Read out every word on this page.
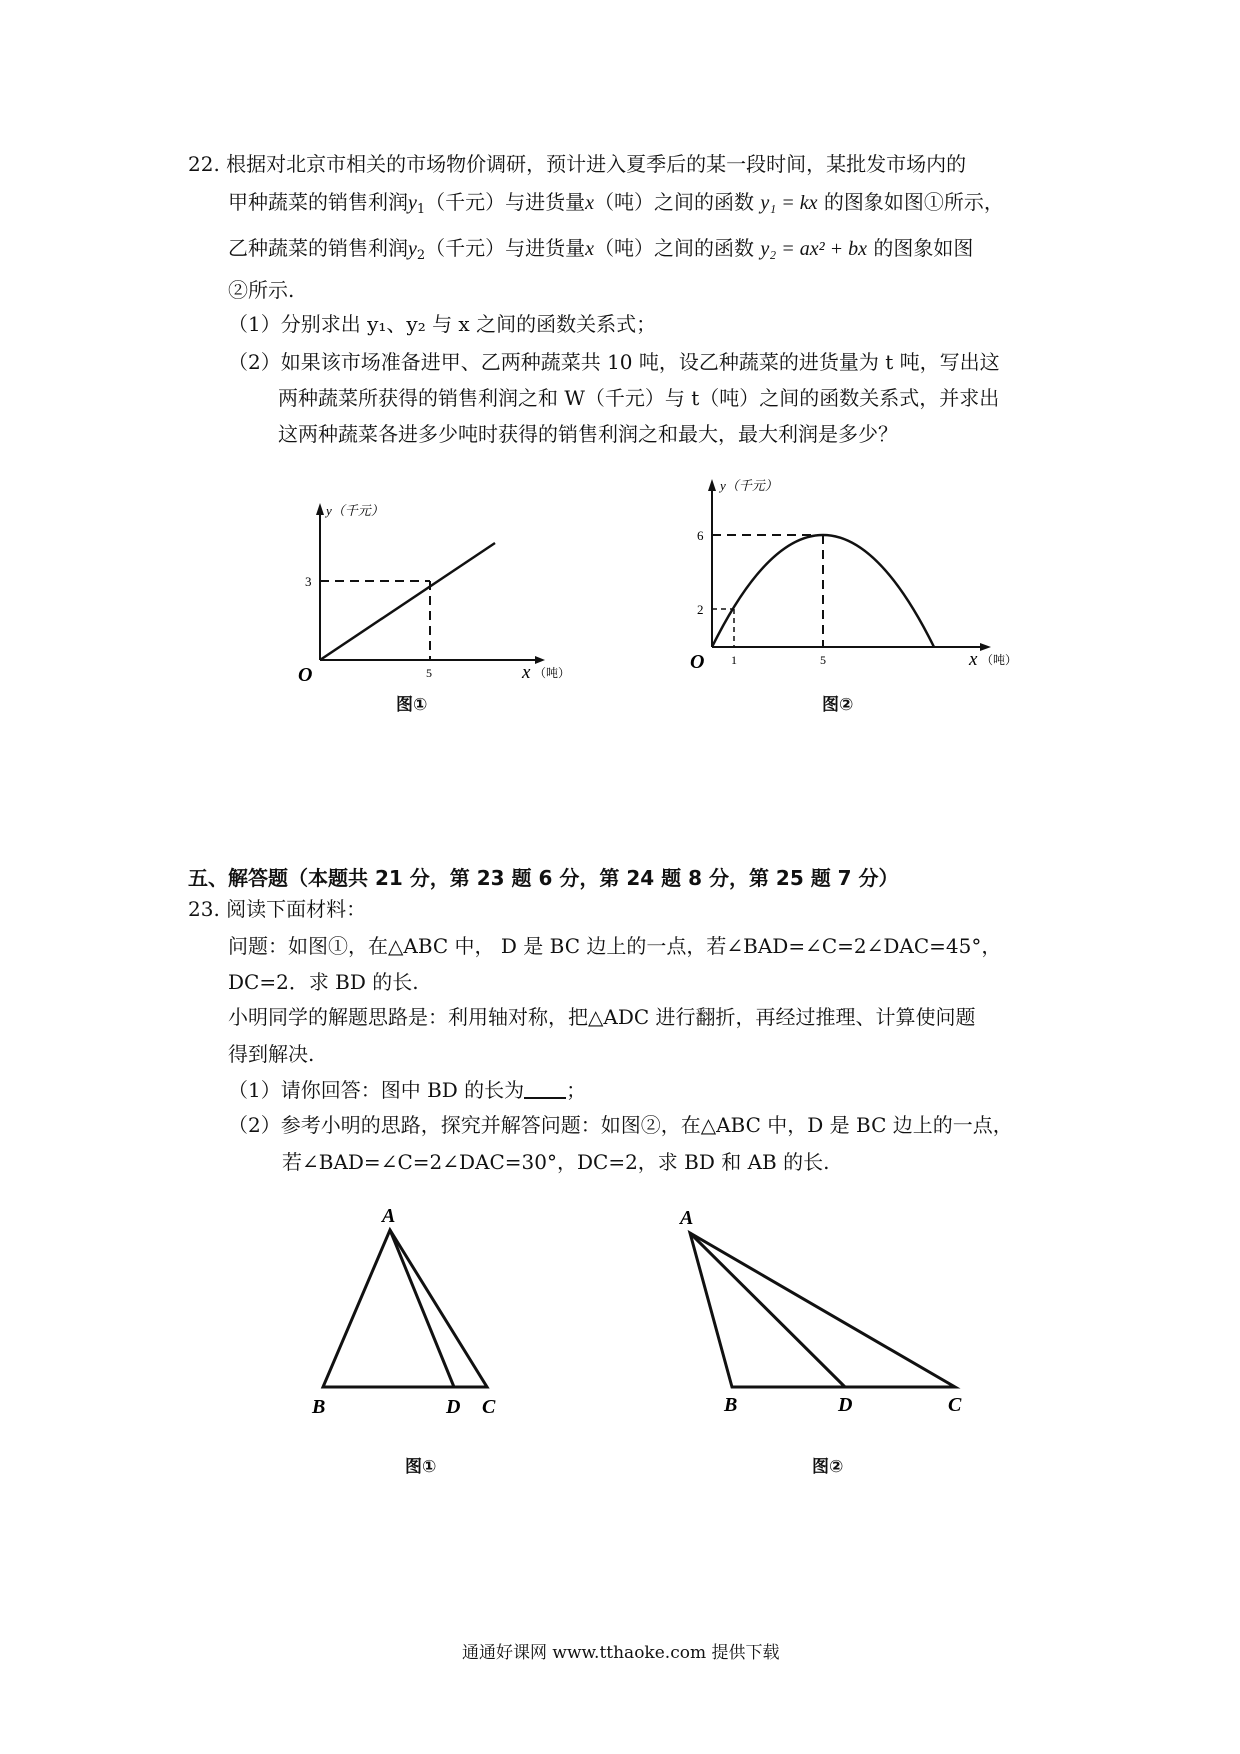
22. 根据对北京市相关的市场物价调研，预计进入夏季后的某一段时间，某批发市场内的
甲种蔬菜的销售利润$y_1$（千元）与进货量x（吨）之间的函数 y₁ = kx 的图象如图①所示，
乙种蔬菜的销售利润$y_2$（千元）与进货量x（吨）之间的函数 y₂ = ax² + bx 的图象如图
②所示.
（1）分别求出 y₁、y₂ 与 x 之间的函数关系式；
（2）如果该市场准备进甲、乙两种蔬菜共 10 吨，设乙种蔬菜的进货量为 t 吨，写出这
两种蔬菜所获得的销售利润之和 W（千元）与 t（吨）之间的函数关系式，并求出
这两种蔬菜各进多少吨时获得的销售利润之和最大，最大利润是多少？
y（千元）
3
5
O	x （吨）
图①
y（千元）
6
2
1	5
O	x （吨）
图②
五、解答题（本题共 21 分，第 23 题 6 分，第 24 题 8 分，第 25 题 7 分）
23. 阅读下面材料：
问题：如图①，在△ABC 中， D 是 BC 边上的一点，若∠BAD=∠C=2∠DAC=45°，
DC=2．求 BD 的长.
小明同学的解题思路是：利用轴对称，把△ADC 进行翻折，再经过推理、计算使问题
得到解决.
（1）请你回答：图中 BD 的长为 ；
（2）参考小明的思路，探究并解答问题：如图②，在△ABC 中，D 是 BC 边上的一点，
若∠BAD=∠C=2∠DAC=30°，DC=2，求 BD 和 AB 的长.
A
B	D C
图①
A
B	D	C
图②
通通好课网 www.tthaoke.com 提供下载
